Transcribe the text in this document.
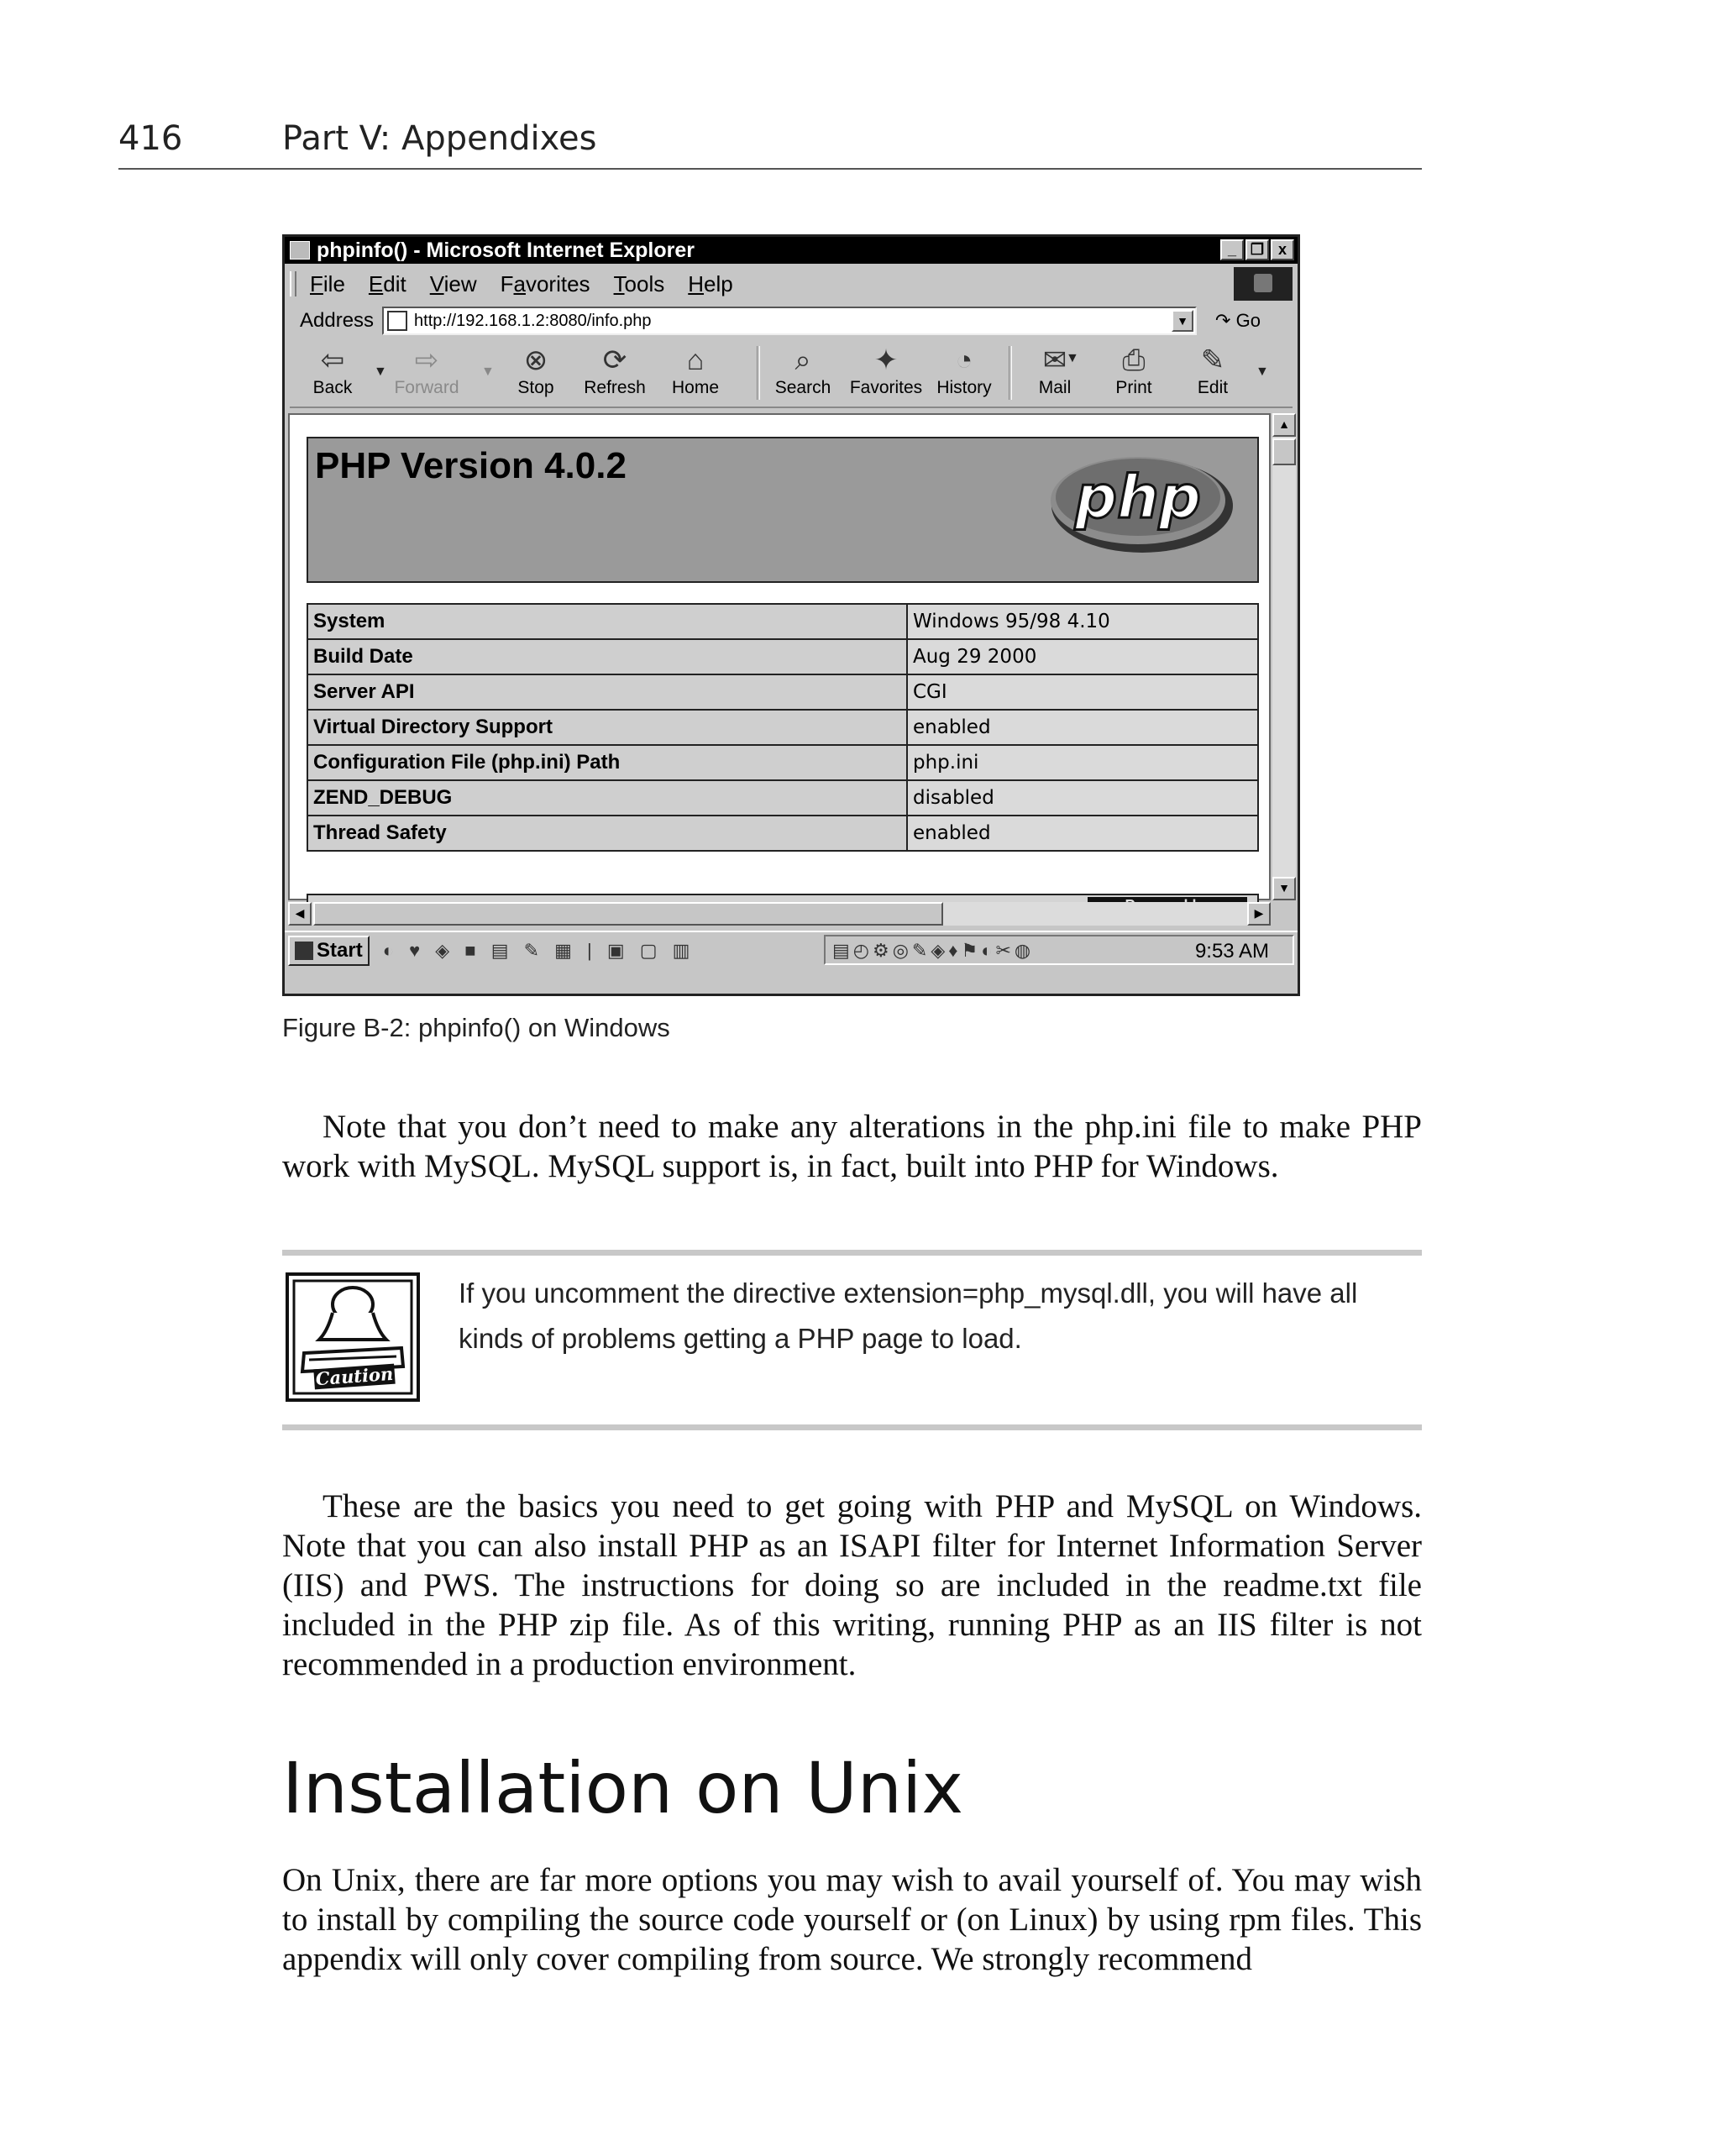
416	Part V: Appendixes
phpinfo() - Microsoft Internet Explorer	_ ❐ x
File Edit View Favorites Tools Help
Address http://192.168.1.2:8080/info.php	▼ ↷ Go
⇦
Back
▼ ⇨
Forward
▼	⊗
Stop
⟳
Refresh
⌂
Home
⌕
Search
✦
Favorites
◔
History
✉
Mail
▼	⎙
Print
✎
Edit
▼
PHP Version 4.0.2	php
System	Windows 95/98 4.10
Build Date	Aug 29 2000
Server API	CGI
Virtual Directory Support	enabled
Configuration File (php.ini) Path	php.ini
ZEND_DEBUG	disabled
Thread Safety	enabled
▲
▼
◀	▶
Start ◐ ♥ ◈ ■ ▤ ✎ ▦ | ▣ ▢ ▥	▤◴⚙◎✎◈♦⚑◐✂◍	9:53 AM
Figure B-2: phpinfo() on Windows

Note that you don’t need to make any alterations in the php.ini file to make PHP work with MySQL. MySQL support is, in fact, built into PHP for Windows.

Caution
If you uncomment the directive extension=php_mysql.dll, you will have all kinds of problems getting a PHP page to load.

These are the basics you need to get going with PHP and MySQL on Windows. Note that you can also install PHP as an ISAPI filter for Internet Information Server (IIS) and PWS. The instructions for doing so are included in the readme.txt file included in the PHP zip file. As of this writing, running PHP as an IIS filter is not recommended in a production environment.

Installation on Unix

On Unix, there are far more options you may wish to avail yourself of. You may wish to install by compiling the source code yourself or (on Linux) by using rpm files. This appendix will only cover compiling from source. We strongly recommend
